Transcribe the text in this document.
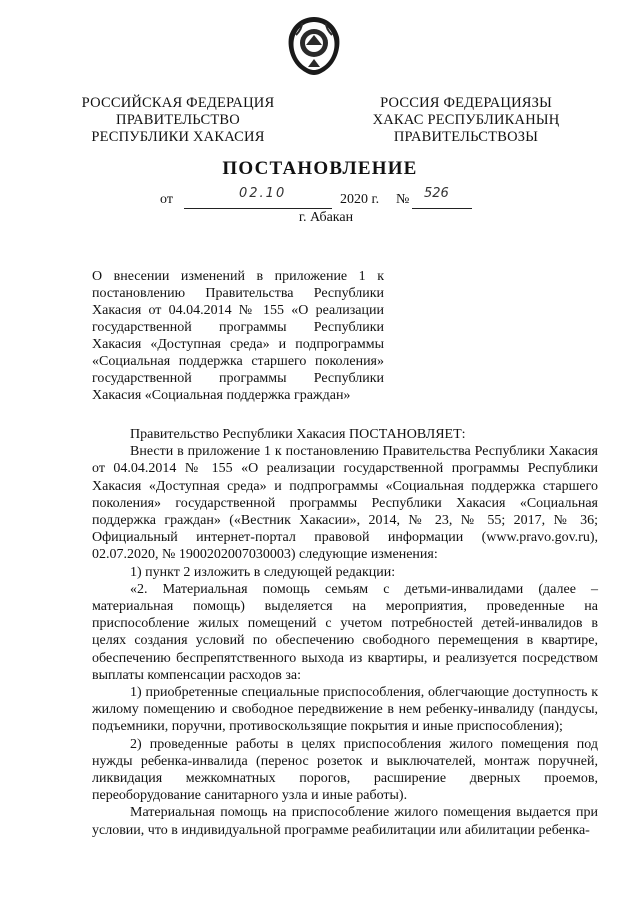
РОССИЙСКАЯ ФЕДЕРАЦИЯ
ПРАВИТЕЛЬСТВО
РЕСПУБЛИКИ ХАКАСИЯ
РОССИЯ ФЕДЕРАЦИЯЗЫ
ХАКАС РЕСПУБЛИКАНЫҢ
ПРАВИТЕЛЬСТВОЗЫ
ПОСТАНОВЛЕНИЕ
от	02.10	2020 г. № 526
г. Абакан
О внесении изменений в приложение 1 к постановлению Правительства Республики Хакасия от 04.04.2014 № 155 «О реализации государственной программы Республики Хакасия «Доступная среда» и подпрограммы «Социальная поддержка старшего поколения» государственной программы Республики Хакасия «Социальная поддержка граждан»

Правительство Республики Хакасия ПОСТАНОВЛЯЕТ:

Внести в приложение 1 к постановлению Правительства Республики Хакасия от 04.04.2014 № 155 «О реализации государственной программы Республики Хакасия «Доступная среда» и подпрограммы «Социальная поддержка старшего поколения» государственной программы Республики Хакасия «Социальная поддержка граждан» («Вестник Хакасии», 2014, № 23, № 55; 2017, № 36; Официальный интернет-портал правовой информации (www.pravo.gov.ru), 02.07.2020, № 1900202007030003) следующие изменения:

1) пункт 2 изложить в следующей редакции:

«2. Материальная помощь семьям с детьми-инвалидами (далее – материальная помощь) выделяется на мероприятия, проведенные на приспособление жилых помещений с учетом потребностей детей-инвалидов в целях создания условий по обеспечению свободного перемещения в квартире, обеспечению беспрепятственного выхода из квартиры, и реализуется посредством выплаты компенсации расходов за:

1) приобретенные специальные приспособления, облегчающие доступность к жилому помещению и свободное передвижение в нем ребенку-инвалиду (пандусы, подъемники, поручни, противоскользящие покрытия и иные приспособления);

2) проведенные работы в целях приспособления жилого помещения под нужды ребенка-инвалида (перенос розеток и выключателей, монтаж поручней, ликвидация межкомнатных порогов, расширение дверных проемов, переоборудование санитарного узла и иные работы).

Материальная помощь на приспособление жилого помещения выдается при условии, что в индивидуальной программе реабилитации или абилитации ребенка-
